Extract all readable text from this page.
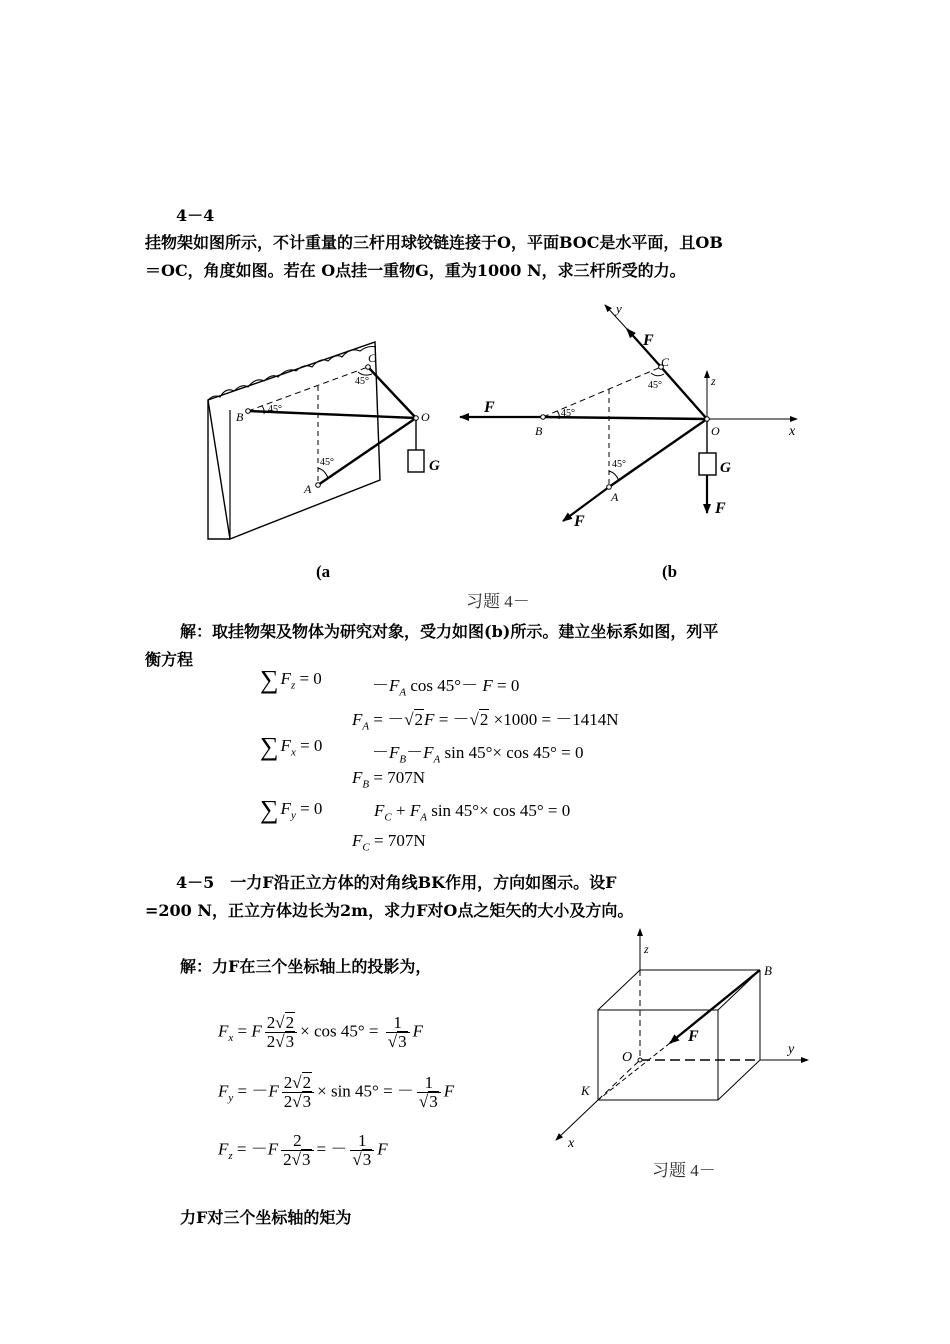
4－4
挂物架如图所示，不计重量的三杆用球铰链连接于O，平面BOC是水平面，且OB
＝OC，角度如图。若在 O点挂一重物G，重为1000 N，求三杆所受的力。
B
C
O
A
G
45°
45°
45°
F
F
F
F
G
y
z
x
B
C
O
A
45°
45°
45°
(a	(b
习题 4－
解：取挂物架及物体为研究对象，受力如图(b)所示。建立坐标系如图，列平
衡方程
∑ $F_z = 0$	$-F_A$ cos 45°－ F = 0
$F_A = -√2F = -√2 \times 1000 = -1414N$
∑ $F_x = 0$	$-F_B-F_A$ sin 45°× cos 45° = 0
$F_B = 707N$
∑ $F_y = 0$	$F_C + F_A$ sin 45°× cos 45° = 0
$F_C = 707N$
4－5　 一力F沿正立方体的对角线BK作用，方向如图示。设F
=200 N，正立方体边长为2m，求力F对O点之矩矢的大小及方向。
解：力F在三个坐标轴上的投影为，
$F_x = F \frac{2√2}{2√3} \times \cos 45^\circ = \frac{1}{√3}$ F
$F_y = -F \frac{2√2}{2√3} \times \sin 45^\circ$ = － $\frac{1}{√3}$ F
$F_z = -F \frac{2}{2√3}$ = － $\frac{1}{√3}$ F
z
B
F
O
y
K
x
习题 4－
力F对三个坐标轴的矩为
